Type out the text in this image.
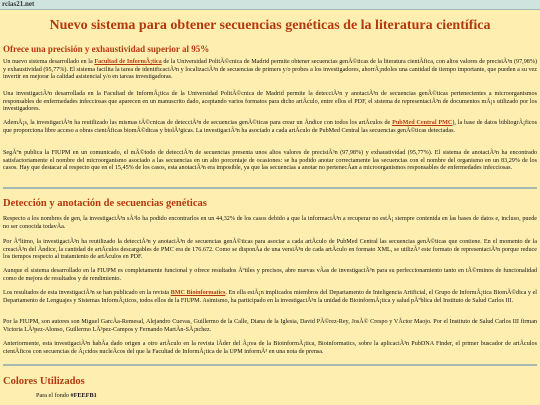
rcias21.net
Nuevo sistema para obtener secuencias genéticas de la literatura científica
Ofrece una precisión y exhaustividad superior al 95%

Un nuevo sistema desarrollado en la Facultad de InformÃ¡tica de la Universidad PolitÃ©cnica de Madrid permite obtener secuencias genÃ©ticas de la literatura cientÃfica, con altos valores de precisiÃ³n (97,98%) y exhaustividad (95,77%). El sistema facilita la tarea de identificaciÃ³n y localizaciÃ³n de secuencias de primers y/o probes a los investigadores, ahorrÃ¡ndoles una cantidad de tiempo importante, que pueden a su vez invertir en mejorar la calidad asistencial y/o en tareas investigadoras.

Una investigaciÃ³n desarrollada en la Facultad de InformÃ¡tica de la Universidad PolitÃ©cnica de Madrid permite la detecciÃ³n y anotaciÃ³n de secuencias genÃ©ticas pertenecientes a microorganismos responsables de enfermedades infecciosas que aparecen en un manuscrito dado, aceptando varios formatos para dicho artÃculo, entre ellos el PDF, el sistema de representaciÃ³n de documentos mÃ¡s utilizado por los investigadores.

AdemÃ¡s, la investigaciÃ³n ha reutilizado las mismas tÃ©cnicas de detecciÃ³n de secuencias genÃ©ticas para crear un Ãndice con todos los artÃculos de PubMed Central PMC), la base de datos bibliogrÃ¡ficos que proporciona libre acceso a obras cientÃficas biomÃ©dicas y biolÃ³gicas. La investigaciÃ³n ha asociado a cada artÃculo de PubMed Central las secuencias genÃ©ticas detectadas.

SegÃºn publica la FIUPM en un comunicado, el mÃ©todo de detecciÃ³n de secuencias presenta unos altos valores de precisiÃ³n (97,98%) y exhaustividad (95,77%). El sistema de anotaciÃ³n ha encontrado satisfactoriamente el nombre del microorganismo asociado a las secuencias en un alto porcentaje de ocasiones: se ha podido anotar correctamente las secuencias con el nombre del organismo en un 83,29% de los casos. Hay que destacar al respecto que en el 15,45% de los casos, esta anotaciÃ³n era imposible, ya que las secuencias a anotar no pertenecÃan a microorganismos responsables de enfermedades infecciosas.

Detección y anotación de secuencias genéticas

Respecto a los nombres de gen, la investigaciÃ³n sÃ³lo ha podido encontrarlos en un 44,32% de los casos debido a que la informaciÃ³n a recuperar no estÃ¡ siempre contenida en las bases de datos e, incluso, puede no ser conocida todavÃa.

Por Ãºltimo, la investigaciÃ³n ha reutilizado la detecciÃ³n y anotaciÃ³n de secuencias genÃ©ticas para asociar a cada artÃculo de PubMed Central las secuencias genÃ©ticas que contiene. En el momento de la creaciÃ³n del Ãndice, la cantidad de artÃculos descargables de PMC era de 176.672. Como se disponÃa de una versiÃ³n de cada artÃculo en formato XML, se utilizÃ³ este formato de representaciÃ³n porque reduce los tiempos respecto al tratamiento de artÃculos en PDF.

Aunque el sistema desarrollado en la FIUPM es completamente funcional y ofrece resultados Ãºtiles y precisos, abre nuevas vÃas de investigaciÃ³n para su perfeccionamiento tanto en tÃ©rminos de funcionalidad como de mejora de resultados y de rendimiento.

Los resultados de esta investigaciÃ³n se han publicado en la revista BMC Bioinformatics. En ella estÃ¡n implicados miembros del Departamento de Inteligencia Artificial, el Grupo de InformÃ¡tica BiomÃ©dica y el Departamento de Lenguajes y Sistemas InformÃ¡ticos, todos ellos de la FIUPM. Asimismo, ha participado en la investigaciÃ³n la unidad de BioinformÃ¡tica y salud pÃºblica del Instituto de Salud Carlos III.

Por la FIUPM, son autores son Miguel GarcÃa-Remesal, Alejandro Cuevas, Guillermo de la Calle, Diana de la Iglesia, David PÃ©rez-Rey, JosÃ© Crespo y VÃctor Maojo. Por el Instituto de Salud Carlos III firman Victoria LÃ³pez-Alonso, Guillermo LÃ³pez-Campos y Fernando MartÃn-SÃ¡nchez.

Anteriormente, esta investigaciÃ³n habÃa dado origen a otro artÃculo en la revista lÃder del Ã¡rea de la BioinformÃ¡tica, Bioinformatics, sobre la aplicaciÃ³n PubDNA Finder, el primer buscador de artÃculos cientÃficos con secuencias de Ã¡cidos nucleÃcos del que la Facultad de InformÃ¡tica de la UPM informÃ³ en una nota de prensa.

Colores Utilizados
Para el fondo #FEEFB1
